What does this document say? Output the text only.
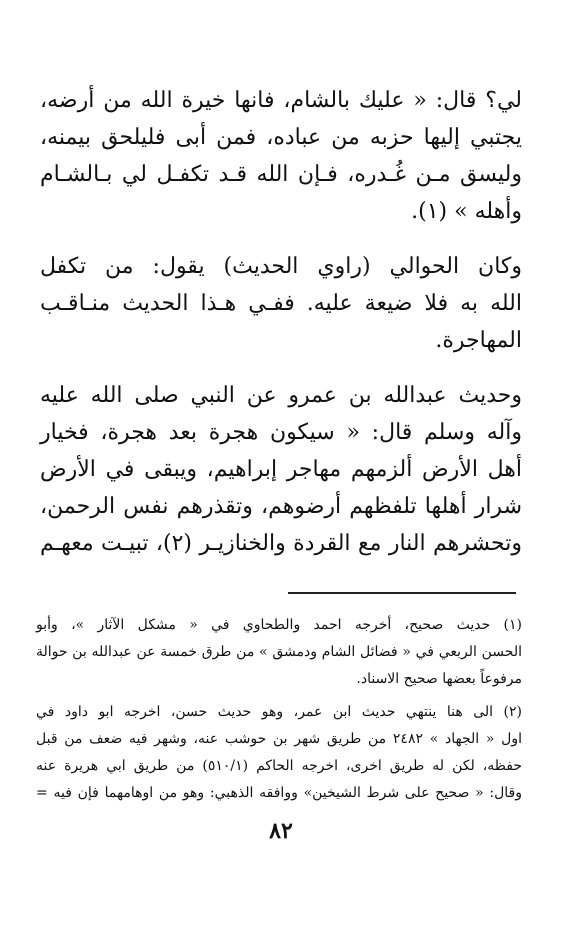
لي؟ قال: « عليك بالشام، فانها خيرة الله من أرضه،
يجتبي إليها حزبه من عباده، فمن أبى فليلحق بيمنه،
وليسق مـن غُـدره، فـإن الله قـد تكفـل لي بـالشـام
وأهله » (١).

وكان الحوالي (راوي الحديث) يقول: من تكفل
الله به فلا ضيعة عليه. ففـي هـذا الحديث منـاقـب
المهاجرة.

وحديث عبدالله بن عمرو عن النبي صلى الله عليه
وآله وسلم قال: « سيكون هجرة بعد هجرة، فخيار
أهل الأرض ألزمهم مهاجر إبراهيم، ويبقى في الأرض
شرار أهلها تلفظهم أرضوهم، وتقذرهم نفس الرحمن،
وتحشرهم النار مع القردة والخنازيـر (٢)، تبيـت معهـم

(١) حديث صحيح، أخرجه احمد والطحاوي في « مشكل الآثار »، وأبو
الحسن الربعي في « فضائل الشام ودمشق » من طرق خمسة عن عبدالله بن حوالة
مرفوعاً بعضها صحيح الاسناد.
(٢) الى هنا ينتهي حديث ابن عمر، وهو حديث حسن، اخرجه ابو داود في
اول « الجهاد » ٢٤٨٢ من طريق شهر بن حوشب عنه، وشهر فيه ضعف من قبل
حفظه، لكن له طريق اخرى، اخرجه الحاكم (٥١٠/١) من طريق ابي هريرة عنه
وقال: « صحيح على شرط الشيخين» ووافقه الذهبي: وهو من اوهامهما فإن فيه =
٨٢
